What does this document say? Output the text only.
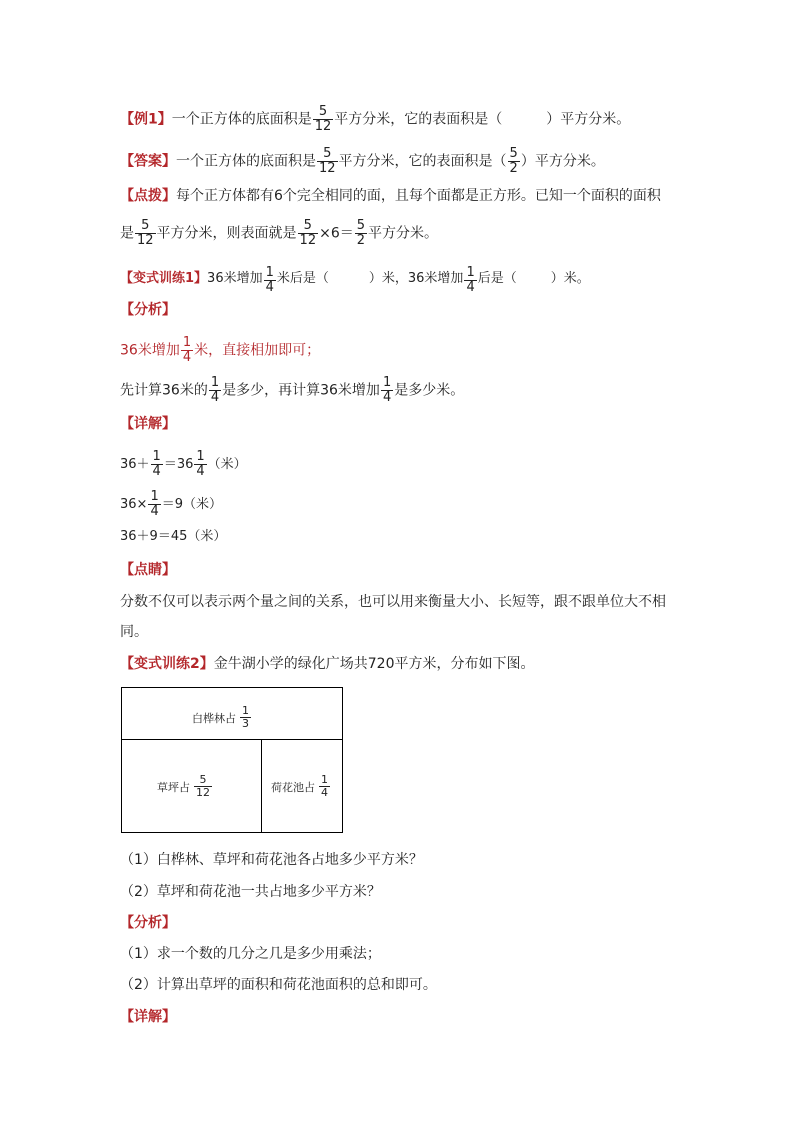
【例1】一个正方体的底面积是 $\frac{5}{12}$ 平方分米，它的表面积是（	）平方分米。
【答案】一个正方体的底面积是 $\frac{5}{12}$ 平方分米，它的表面积是（ $\frac{5}{2}$ ）平方分米。
【点拨】每个正方体都有6个完全相同的面，且每个面都是正方形。已知一个面积的面积
是 $\frac{5}{12}$ 平方分米，则表面就是 $\frac{5}{12} \times 6= \frac{5}{2}$ 平方分米。
【变式训练1】36米增加 $\frac{1}{4}$ 米后是（	）米，36米增加 $\frac{1}{4}$ 后是（	）米。
【分析】
36米增加 $\frac{1}{4}$ 米，直接相加即可；
先计算36米的 $\frac{1}{4}$ 是多少，再计算36米增加 $\frac{1}{4}$ 是多少米。
【详解】
$36+ \frac{1}{4} =36 \frac{1}{4}$ （米）
$36\times \frac{1}{4} =9$（米）
36＋9＝45（米）
【点睛】
分数不仅可以表示两个量之间的关系，也可以用来衡量大小、长短等，跟不跟单位大不相
同。
【变式训练2】金牛湖小学的绿化广场共720平方米，分布如下图。
白桦林占 $\frac{1}{3}$
草坪占 $\frac{5}{12}$	荷花池占 $\frac{1}{4}$
（1）白桦林、草坪和荷花池各占地多少平方米？
（2）草坪和荷花池一共占地多少平方米？
【分析】
（1）求一个数的几分之几是多少用乘法；
（2）计算出草坪的面积和荷花池面积的总和即可。
【详解】
